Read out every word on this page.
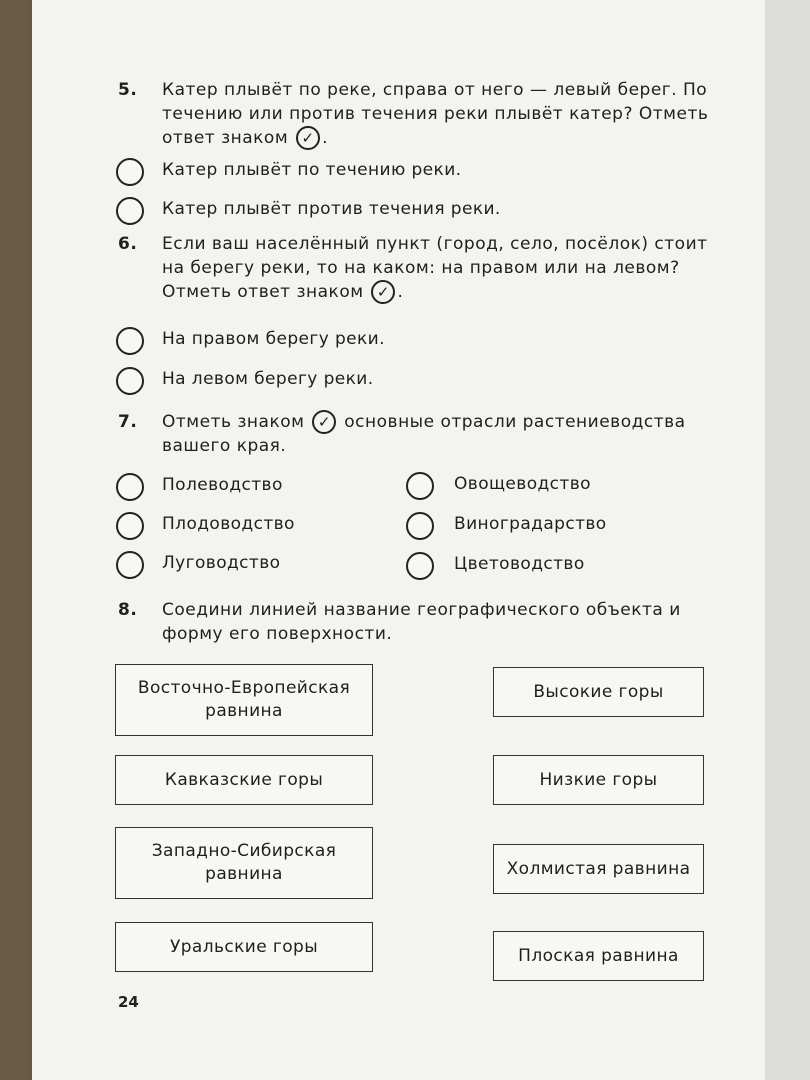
5. Катер плывёт по реке, справа от него — левый берег. По течению или против течения реки плывёт катер? Отметь ответ знаком ✓ .
Катер плывёт по течению реки.
Катер плывёт против течения реки.
6. Если ваш населённый пункт (город, село, посёлок) стоит на берегу реки, то на каком: на правом или на левом? Отметь ответ знаком ✓ .
На правом берегу реки.
На левом берегу реки.
7. Отметь знаком ✓ основные отрасли растениеводства вашего края.
Полеводство
Плодоводство
Луговодство
Овощеводство
Виноградарство
Цветоводство
8. Соедини линией название географического объекта и форму его поверхности.
Восточно-Европейская равнина
Кавказские горы
Западно-Сибирская равнина
Уральские горы
Высокие горы
Низкие горы
Холмистая равнина
Плоская равнина
24
